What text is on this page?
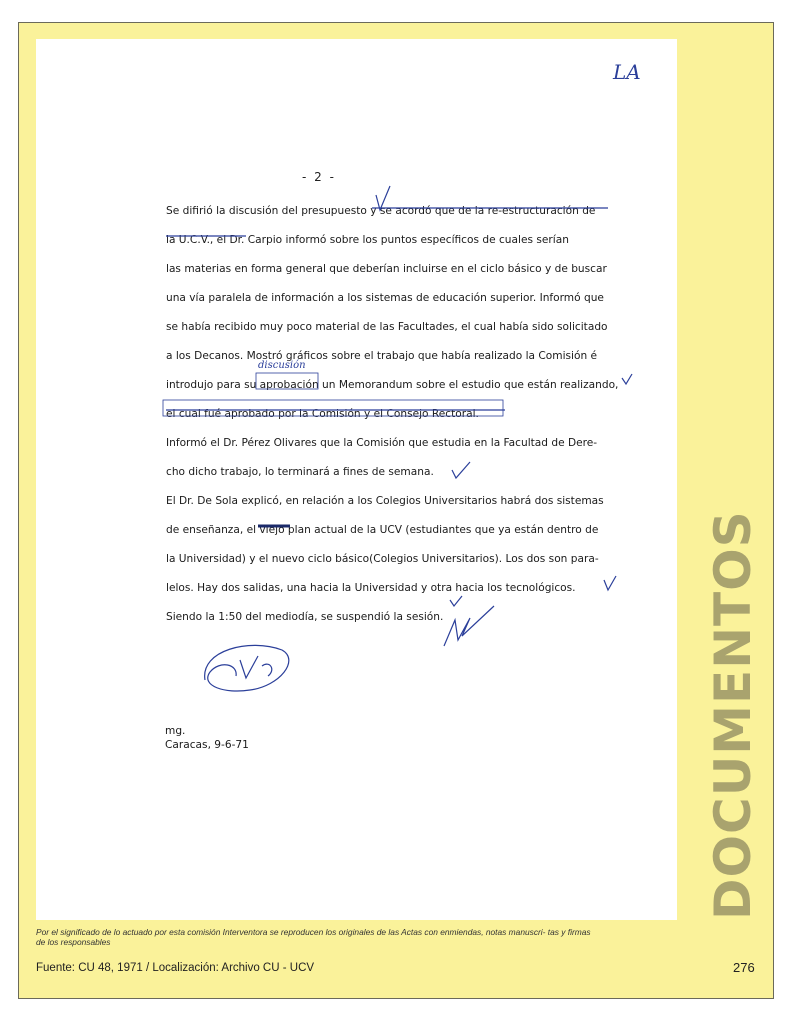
LA
- 2 -
Se difirió la discusión del presupuesto y se acordó que de la re-estructuración de
la U.C.V., el Dr. Carpio informó sobre los puntos específicos de cuales serían
las materias en forma general que deberían incluirse en el ciclo básico y de buscar
una vía paralela de información a los sistemas de educación superior. Informó que
se había recibido muy poco material de las Facultades, el cual había sido solicitado
a los Decanos. Mostró gráficos sobre el trabajo que había realizado la Comisión é
introdujo para su aprobación un Memorandum sobre el estudio que están realizando,
el cual fué aprobado por la Comisión y el Consejo Rectoral.
Informó el Dr. Pérez Olivares que la Comisión que estudia en la Facultad de Dere-
cho dicho trabajo, lo terminará a fines de semana.
El Dr. De Sola explicó, en relación a los Colegios Universitarios habrá dos sistemas
de enseñanza, el viejo plan actual de la UCV (estudiantes que ya están dentro de
la Universidad) y el nuevo ciclo básico(Colegios Universitarios). Los dos son para-
lelos. Hay dos salidas, una hacia la Universidad y otra hacia los tecnológicos.
Siendo la 1:50 del mediodía, se suspendió la sesión.
discusión
mg.
Caracas, 9-6-71	DOCUMENTOS
Por el significado de lo actuado por esta comisión Interventora se reproducen los originales de las Actas con enmiendas, notas manuscri- tas y firmas de los responsables
Fuente: CU 48, 1971 / Localización: Archivo CU - UCV	276
